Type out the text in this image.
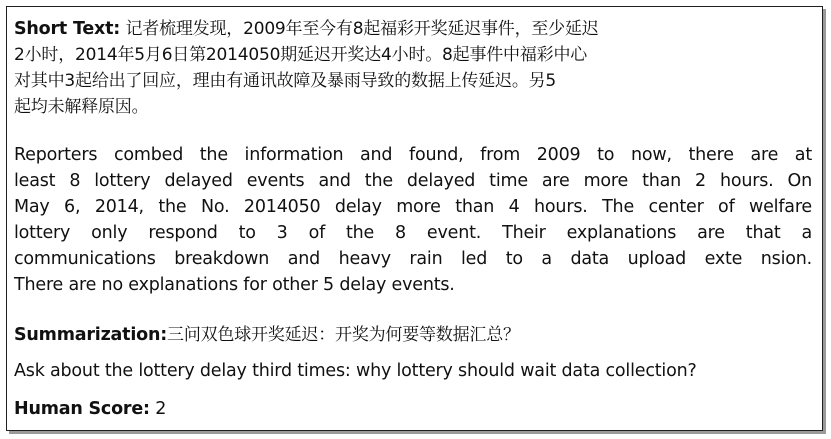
Short Text: 记者梳理发现，2009年至今有8起福彩开奖延迟事件，至少延迟
2小时，2014年5月6日第2014050期延迟开奖达4小时。8起事件中福彩中心
对其中3起给出了回应，理由有通讯故障及暴雨导致的数据上传延迟。另5
起均未解释原因。
Reporters combed the information and found, from 2009 to now, there are at
least 8 lottery delayed events and the delayed time are more than 2 hours. On
May 6, 2014, the No. 2014050 delay more than 4 hours. The center of welfare
lottery only respond to 3 of the 8 event. Their explanations are that a
communications breakdown and heavy rain led to a data upload exte nsion.
There are no explanations for other 5 delay events.
Summarization:三问双色球开奖延迟：开奖为何要等数据汇总？
Ask about the lottery delay third times: why lottery should wait data collection?
Human Score: 2
